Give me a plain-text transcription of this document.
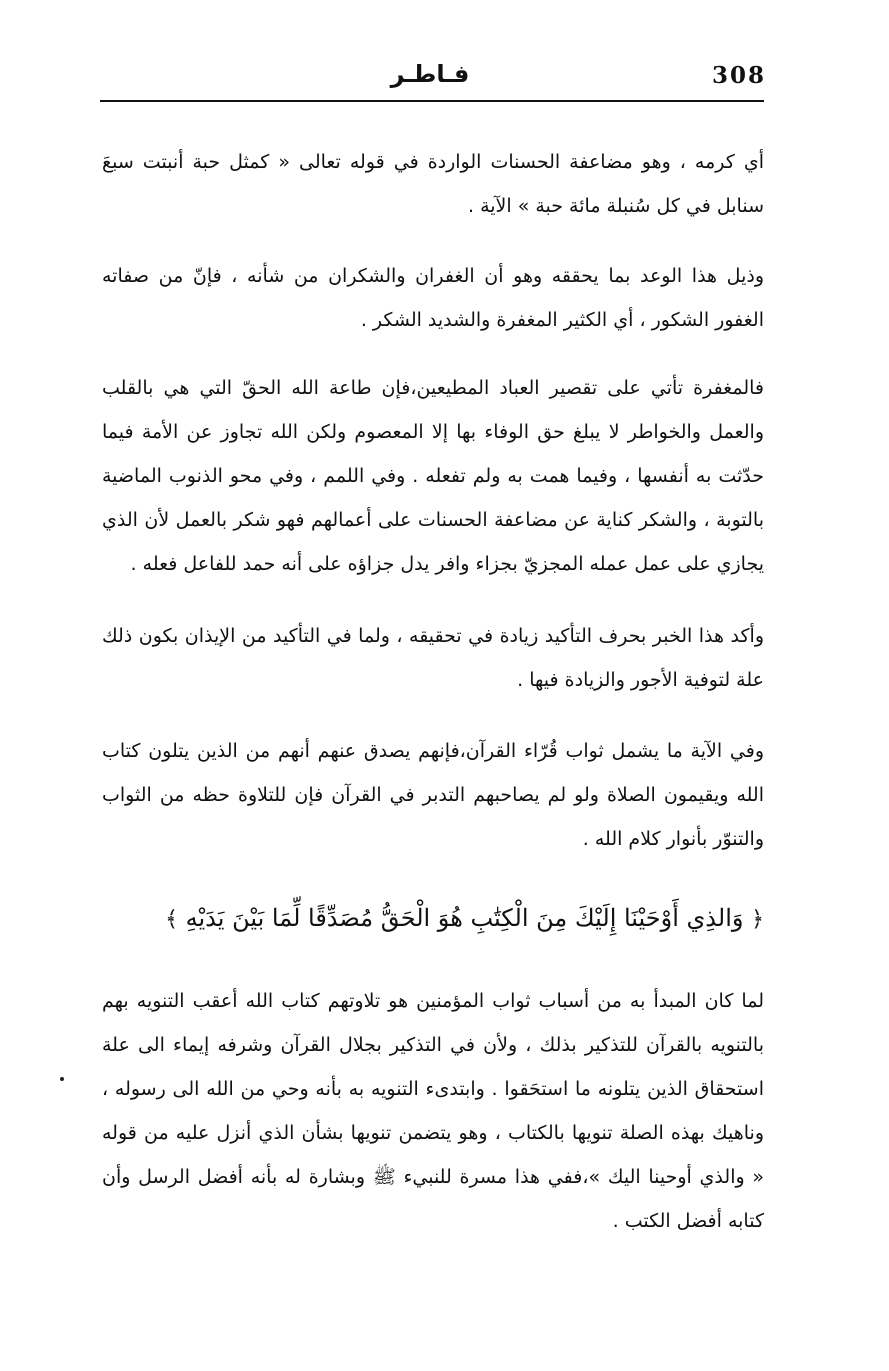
308
فـاطـر

أي كرمه ، وهو مضاعفة الحسنات الواردة في قوله تعالى « كمثل حبة أنبتت سبعَ سنابل في كل سُنبلة مائة حبة » الآية .

وذيل هذا الوعد بما يحققه وهو أن الغفران والشكران من شأنه ، فإنّ من صفاته الغفور الشكور ، أي الكثير المغفرة والشديد الشكر .

فالمغفرة تأتي على تقصير العباد المطيعين،فإن طاعة الله الحقّ التي هي بالقلب والعمل والخواطر لا يبلغ حق الوفاء بها إلا المعصوم ولكن الله تجاوز عن الأمة فيما حدّثت به أنفسها ، وفيما همت به ولم تفعله . وفي اللمم ، وفي محو الذنوب الماضية بالتوبة ، والشكر كناية عن مضاعفة الحسنات على أعمالهم فهو شكر بالعمل لأن الذي يجازي على عمل عمله المجزيّ بجزاء وافر يدل جزاؤه على أنه حمد للفاعل فعله .

وأكد هذا الخبر بحرف التأكيد زيادة في تحقيقه ، ولما في التأكيد من الإيذان بكون ذلك علة لتوفية الأجور والزيادة فيها .

وفي الآية ما يشمل ثواب قُرّاء القرآن،فإنهم يصدق عنهم أنهم من الذين يتلون كتاب الله ويقيمون الصلاة ولو لم يصاحبهم التدبر في القرآن فإن للتلاوة حظه من الثواب والتنوّر بأنوار كلام الله .

﴿ وَالذِي أَوْحَيْنَا إِلَيْكَ مِنَ الْكِتَٰبِ هُوَ الْحَقُّ مُصَدِّقًا لِّمَا بَيْنَ يَدَيْهِ ﴾

لما كان المبدأ به من أسباب ثواب المؤمنين هو تلاوتهم كتاب الله أعقب التنويه بهم بالتنويه بالقرآن للتذكير بذلك ، ولأن في التذكير بجلال القرآن وشرفه إيماء الى علة استحقاق الذين يتلونه ما استحَقوا . وابتدىء التنويه به بأنه وحي من الله الى رسوله ، وناهيك بهذه الصلة تنويها بالكتاب ، وهو يتضمن تنويها بشأن الذي أنزل عليه من قوله « والذي أوحينا اليك »،ففي هذا مسرة للنبيء ﷺ وبشارة له بأنه أفضل الرسل وأن كتابه أفضل الكتب .
